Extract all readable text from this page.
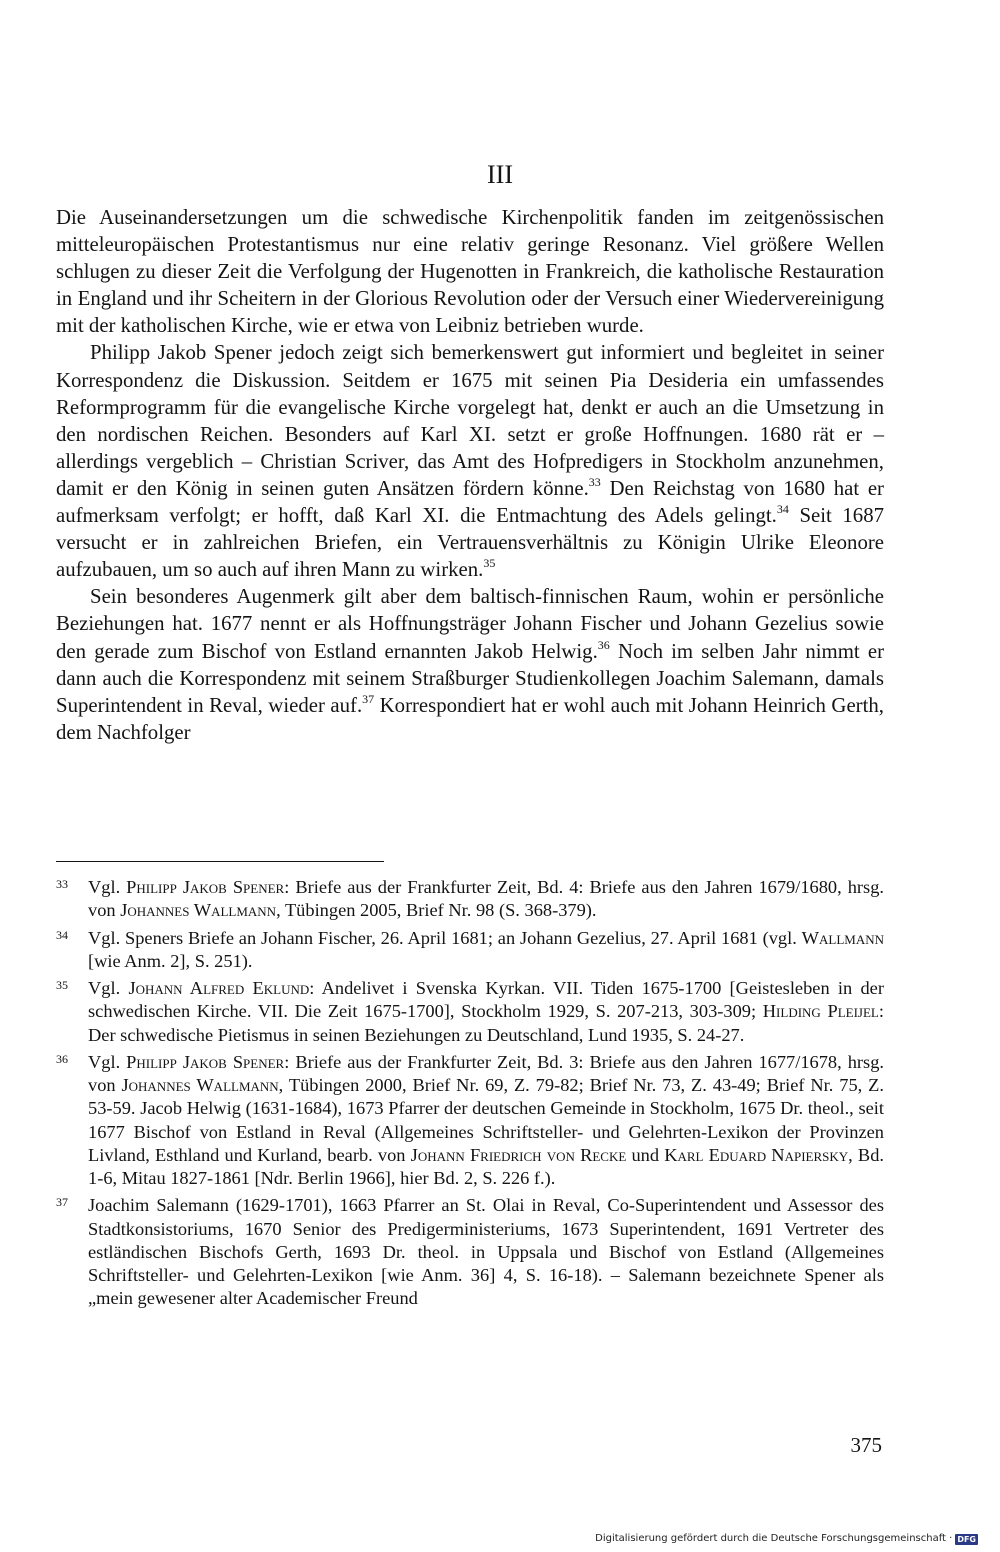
III

Die Auseinandersetzungen um die schwedische Kirchenpolitik fanden im zeitgenössischen mitteleuropäischen Protestantismus nur eine relativ geringe Resonanz. Viel größere Wellen schlugen zu dieser Zeit die Verfolgung der Hugenotten in Frankreich, die katholische Restauration in England und ihr Scheitern in der Glorious Revolution oder der Versuch einer Wiedervereinigung mit der katholischen Kirche, wie er etwa von Leibniz betrieben wurde.

Philipp Jakob Spener jedoch zeigt sich bemerkenswert gut informiert und begleitet in seiner Korrespondenz die Diskussion. Seitdem er 1675 mit seinen Pia Desideria ein umfassendes Reformprogramm für die evangelische Kirche vorgelegt hat, denkt er auch an die Umsetzung in den nordischen Reichen. Besonders auf Karl XI. setzt er große Hoffnungen. 1680 rät er – allerdings vergeblich – Christian Scriver, das Amt des Hofpredigers in Stockholm anzunehmen, damit er den König in seinen guten Ansätzen fördern könne.$^{33}$ Den Reichstag von 1680 hat er aufmerksam verfolgt; er hofft, daß Karl XI. die Entmachtung des Adels gelingt.$^{34}$ Seit 1687 versucht er in zahlreichen Briefen, ein Vertrauensverhältnis zu Königin Ulrike Eleonore aufzubauen, um so auch auf ihren Mann zu wirken.$^{35}$

Sein besonderes Augenmerk gilt aber dem baltisch-finnischen Raum, wohin er persönliche Beziehungen hat. 1677 nennt er als Hoffnungsträger Johann Fischer und Johann Gezelius sowie den gerade zum Bischof von Estland ernannten Jakob Helwig.$^{36}$ Noch im selben Jahr nimmt er dann auch die Korrespondenz mit seinem Straßburger Studienkollegen Joachim Salemann, damals Superintendent in Reval, wieder auf.$^{37}$ Korrespondiert hat er wohl auch mit Johann Heinrich Gerth, dem Nachfolger

33	Vgl. Philipp Jakob Spener: Briefe aus der Frankfurter Zeit, Bd. 4: Briefe aus den Jahren 1679/1680, hrsg. von Johannes Wallmann, Tübingen 2005, Brief Nr. 98 (S. 368-379).
34	Vgl. Speners Briefe an Johann Fischer, 26. April 1681; an Johann Gezelius, 27. April 1681 (vgl. Wallmann [wie Anm. 2], S. 251).
35	Vgl. Johann Alfred Eklund: Andelivet i Svenska Kyrkan. VII. Tiden 1675-1700 [Geistesleben in der schwedischen Kirche. VII. Die Zeit 1675-1700], Stockholm 1929, S. 207-213, 303-309; Hilding Pleijel: Der schwedische Pietismus in seinen Beziehungen zu Deutschland, Lund 1935, S. 24-27.
36	Vgl. Philipp Jakob Spener: Briefe aus der Frankfurter Zeit, Bd. 3: Briefe aus den Jahren 1677/1678, hrsg. von Johannes Wallmann, Tübingen 2000, Brief Nr. 69, Z. 79-82; Brief Nr. 73, Z. 43-49; Brief Nr. 75, Z. 53-59. Jacob Helwig (1631-1684), 1673 Pfarrer der deutschen Gemeinde in Stockholm, 1675 Dr. theol., seit 1677 Bischof von Estland in Reval (Allgemeines Schriftsteller- und Gelehrten-Lexikon der Provinzen Livland, Esthland und Kurland, bearb. von Johann Friedrich von Recke und Karl Eduard Napiersky, Bd. 1-6, Mitau 1827-1861 [Ndr. Berlin 1966], hier Bd. 2, S. 226 f.).
37	Joachim Salemann (1629-1701), 1663 Pfarrer an St. Olai in Reval, Co-Superintendent und Assessor des Stadtkonsistoriums, 1670 Senior des Predigerministeriums, 1673 Superintendent, 1691 Vertreter des estländischen Bischofs Gerth, 1693 Dr. theol. in Uppsala und Bischof von Estland (Allgemeines Schriftsteller- und Gelehrten-Lexikon [wie Anm. 36] 4, S. 16-18). – Salemann bezeichnete Spener als „mein gewesener alter Academischer Freund
375
Digitalisierung gefördert durch die Deutsche Forschungsgemeinschaft · DFG
